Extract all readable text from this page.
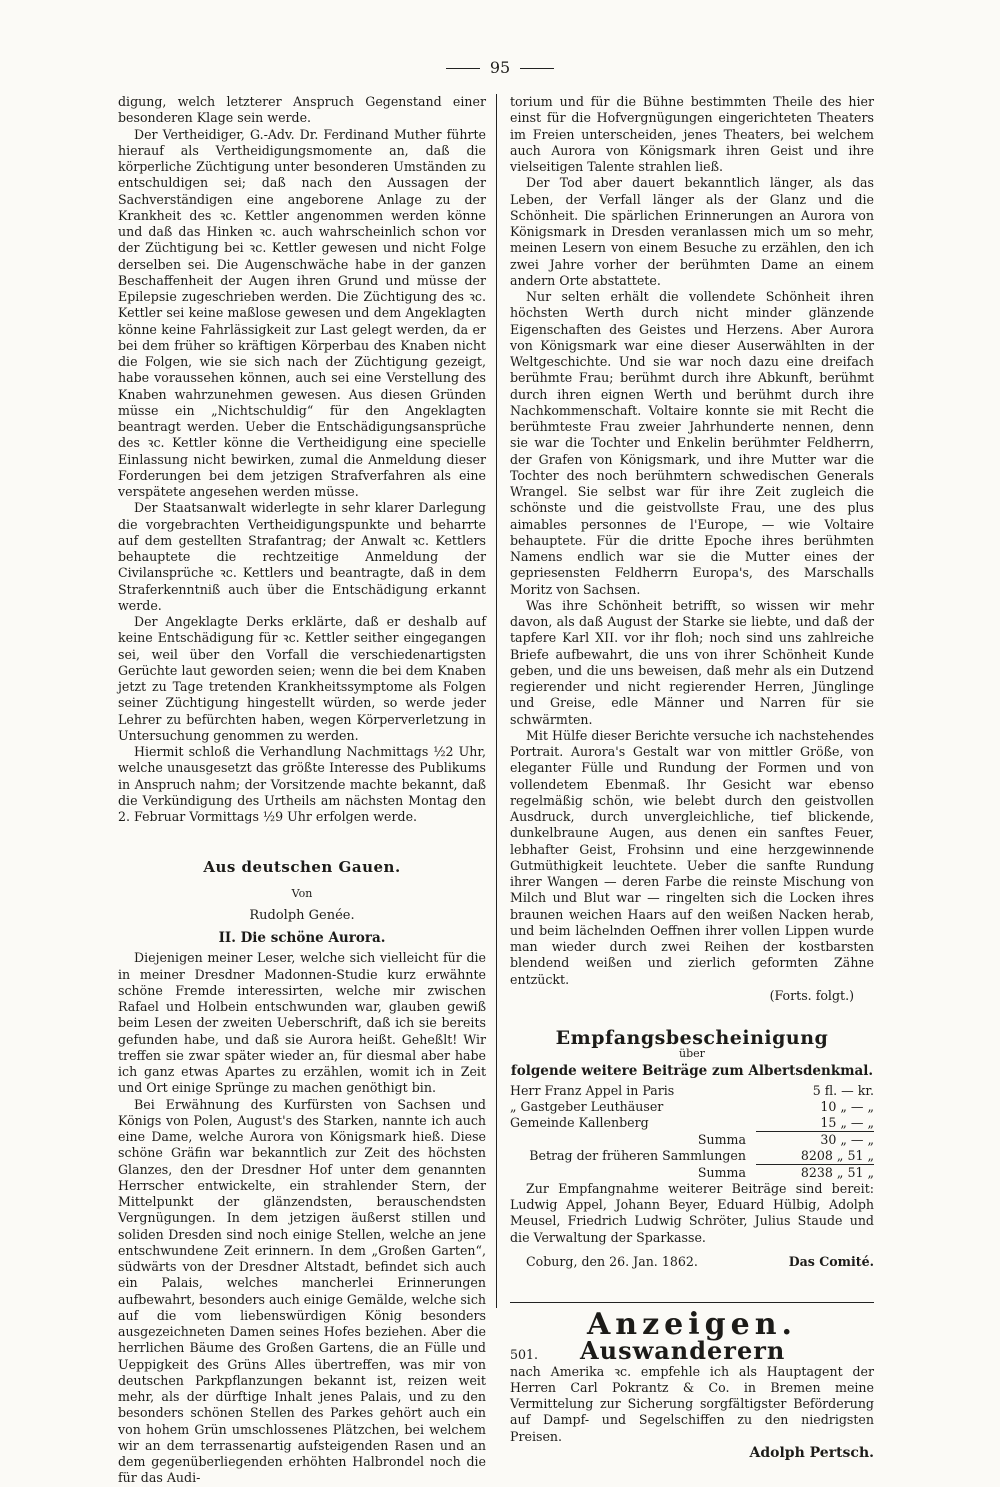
95

digung, welch letzterer Anspruch Gegenstand einer besonderen Klage sein werde.

Der Vertheidiger, G.-Adv. Dr. Ferdinand Muther führte hierauf als Vertheidigungsmomente an, daß die körperliche Züchtigung unter besonderen Umständen zu entschuldigen sei; daß nach den Aussagen der Sachverständigen eine angeborene Anlage zu der Krankheit des ꝛc. Kettler angenommen werden könne und daß das Hinken ꝛc. auch wahrscheinlich schon vor der Züchtigung bei ꝛc. Kettler gewesen und nicht Folge derselben sei. Die Augenschwäche habe in der ganzen Beschaffenheit der Augen ihren Grund und müsse der Epilepsie zugeschrieben werden. Die Züchtigung des ꝛc. Kettler sei keine maßlose gewesen und dem Angeklagten könne keine Fahrlässigkeit zur Last gelegt werden, da er bei dem früher so kräftigen Körperbau des Knaben nicht die Folgen, wie sie sich nach der Züchtigung gezeigt, habe voraussehen können, auch sei eine Verstellung des Knaben wahrzunehmen gewesen. Aus diesen Gründen müsse ein „Nichtschuldig“ für den Angeklagten beantragt werden. Ueber die Entschädigungsansprüche des ꝛc. Kettler könne die Vertheidigung eine specielle Einlassung nicht bewirken, zumal die Anmeldung dieser Forderungen bei dem jetzigen Strafverfahren als eine verspätete angesehen werden müsse.

Der Staatsanwalt widerlegte in sehr klarer Darlegung die vorgebrachten Vertheidigungspunkte und beharrte auf dem gestellten Strafantrag; der Anwalt ꝛc. Kettlers behauptete die rechtzeitige Anmeldung der Civilansprüche ꝛc. Kettlers und beantragte, daß in dem Straferkenntniß auch über die Entschädigung erkannt werde.

Der Angeklagte Derks erklärte, daß er deshalb auf keine Entschädigung für ꝛc. Kettler seither eingegangen sei, weil über den Vorfall die verschiedenartigsten Gerüchte laut geworden seien; wenn die bei dem Knaben jetzt zu Tage tretenden Krankheitssymptome als Folgen seiner Züchtigung hingestellt würden, so werde jeder Lehrer zu befürchten haben, wegen Körperverletzung in Untersuchung genommen zu werden.

Hiermit schloß die Verhandlung Nachmittags ½2 Uhr, welche unausgesetzt das größte Interesse des Publikums in Anspruch nahm; der Vorsitzende machte bekannt, daß die Verkündigung des Urtheils am nächsten Montag den 2. Februar Vormittags ½9 Uhr erfolgen werde.

Aus deutschen Gauen.

Von

Rudolph Genée.

II. Die schöne Aurora.

Diejenigen meiner Leser, welche sich vielleicht für die in meiner Dresdner Madonnen-Studie kurz erwähnte schöne Fremde interessirten, welche mir zwischen Rafael und Holbein entschwunden war, glauben gewiß beim Lesen der zweiten Ueberschrift, daß ich sie bereits gefunden habe, und daß sie Aurora heißt. Geheßlt! Wir treffen sie zwar später wieder an, für diesmal aber habe ich ganz etwas Apartes zu erzählen, womit ich in Zeit und Ort einige Sprünge zu machen genöthigt bin.

Bei Erwähnung des Kurfürsten von Sachsen und Königs von Polen, August's des Starken, nannte ich auch eine Dame, welche Aurora von Königsmark hieß. Diese schöne Gräfin war bekanntlich zur Zeit des höchsten Glanzes, den der Dresdner Hof unter dem genannten Herrscher entwickelte, ein strahlender Stern, der Mittelpunkt der glänzendsten, berauschendsten Vergnügungen. In dem jetzigen äußerst stillen und soliden Dresden sind noch einige Stellen, welche an jene entschwundene Zeit erinnern. In dem „Großen Garten“, südwärts von der Dresdner Altstadt, befindet sich auch ein Palais, welches mancherlei Erinnerungen aufbewahrt, besonders auch einige Gemälde, welche sich auf die vom liebenswürdigen König besonders ausgezeichneten Damen seines Hofes beziehen. Aber die herrlichen Bäume des Großen Gartens, die an Fülle und Ueppigkeit des Grüns Alles übertreffen, was mir von deutschen Parkpflanzungen bekannt ist, reizen weit mehr, als der dürftige Inhalt jenes Palais, und zu den besonders schönen Stellen des Parkes gehört auch ein von hohem Grün umschlossenes Plätzchen, bei welchem wir an dem terrassenartig aufsteigenden Rasen und an dem gegenüberliegenden erhöhten Halbrondel noch die für das Audi-

torium und für die Bühne bestimmten Theile des hier einst für die Hofvergnügungen eingerichteten Theaters im Freien unterscheiden, jenes Theaters, bei welchem auch Aurora von Königsmark ihren Geist und ihre vielseitigen Talente strahlen ließ.

Der Tod aber dauert bekanntlich länger, als das Leben, der Verfall länger als der Glanz und die Schönheit. Die spärlichen Erinnerungen an Aurora von Königsmark in Dresden veranlassen mich um so mehr, meinen Lesern von einem Besuche zu erzählen, den ich zwei Jahre vorher der berühmten Dame an einem andern Orte abstattete.

Nur selten erhält die vollendete Schönheit ihren höchsten Werth durch nicht minder glänzende Eigenschaften des Geistes und Herzens. Aber Aurora von Königsmark war eine dieser Auserwählten in der Weltgeschichte. Und sie war noch dazu eine dreifach berühmte Frau; berühmt durch ihre Abkunft, berühmt durch ihren eignen Werth und berühmt durch ihre Nachkommenschaft. Voltaire konnte sie mit Recht die berühmteste Frau zweier Jahrhunderte nennen, denn sie war die Tochter und Enkelin berühmter Feldherrn, der Grafen von Königsmark, und ihre Mutter war die Tochter des noch berühmtern schwedischen Generals Wrangel. Sie selbst war für ihre Zeit zugleich die schönste und die geistvollste Frau, une des plus aimables personnes de l'Europe, — wie Voltaire behauptete. Für die dritte Epoche ihres berühmten Namens endlich war sie die Mutter eines der gepriesensten Feldherrn Europa's, des Marschalls Moritz von Sachsen.

Was ihre Schönheit betrifft, so wissen wir mehr davon, als daß August der Starke sie liebte, und daß der tapfere Karl XII. vor ihr floh; noch sind uns zahlreiche Briefe aufbewahrt, die uns von ihrer Schönheit Kunde geben, und die uns beweisen, daß mehr als ein Dutzend regierender und nicht regierender Herren, Jünglinge und Greise, edle Männer und Narren für sie schwärmten.

Mit Hülfe dieser Berichte versuche ich nachstehendes Portrait. Aurora's Gestalt war von mittler Größe, von eleganter Fülle und Rundung der Formen und von vollendetem Ebenmaß. Ihr Gesicht war ebenso regelmäßig schön, wie belebt durch den geistvollen Ausdruck, durch unvergleichliche, tief blickende, dunkelbraune Augen, aus denen ein sanftes Feuer, lebhafter Geist, Frohsinn und eine herzgewinnende Gutmüthigkeit leuchtete. Ueber die sanfte Rundung ihrer Wangen — deren Farbe die reinste Mischung von Milch und Blut war — ringelten sich die Locken ihres braunen weichen Haars auf den weißen Nacken herab, und beim lächelnden Oeffnen ihrer vollen Lippen wurde man wieder durch zwei Reihen der kostbarsten blendend weißen und zierlich geformten Zähne entzückt.

(Forts. folgt.)

Empfangsbescheinigung

über

folgende weitere Beiträge zum Albertsdenkmal.

Herr Franz Appel in Paris	5 fl. — kr.
„ Gastgeber Leuthäuser	10 „ — „
Gemeinde Kallenberg	15 „ — „
Summa	30 „ — „
Betrag der früheren Sammlungen	8208 „ 51 „
Summa	8238 „ 51 „

Zur Empfangnahme weiterer Beiträge sind bereit: Ludwig Appel, Johann Beyer, Eduard Hülbig, Adolph Meusel, Friedrich Ludwig Schröter, Julius Staude und die Verwaltung der Sparkasse.

Coburg, den 26. Jan. 1862.	Das Comité.

Anzeigen.

501.	Auswanderern

nach Amerika ꝛc. empfehle ich als Hauptagent der Herren Carl Pokrantz & Co. in Bremen meine Vermittelung zur Sicherung sorgfältigster Beförderung auf Dampf- und Segelschiffen zu den niedrigsten Preisen.

Adolph Pertsch.
